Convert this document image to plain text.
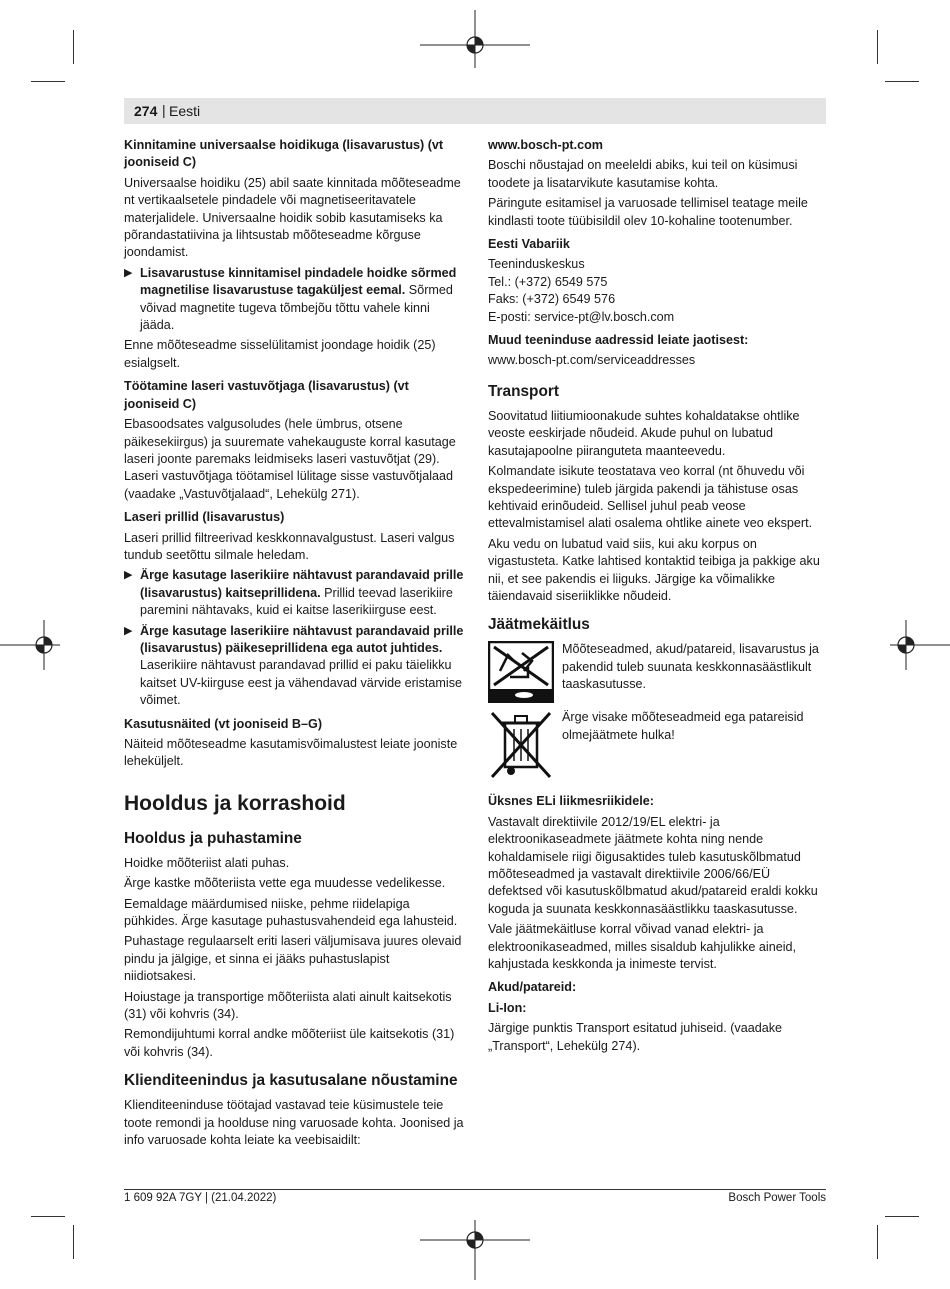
274 | Eesti

Kinnitamine universaalse hoidikuga (lisavarustus) (vt jooniseid C)

Universaalse hoidiku (25) abil saate kinnitada mõõteseadme nt vertikaalsetele pindadele või magnetiseeritavatele materjalidele. Universaalne hoidik sobib kasutamiseks ka põrandastatiivina ja lihtsustab mõõteseadme kõrguse joondamist.

▶ Lisavarustuse kinnitamisel pindadele hoidke sõrmed magnetilise lisavarustuse tagaküljest eemal. Sõrmed võivad magnetite tugeva tõmbejõu tõttu vahele kinni jääda.

Enne mõõteseadme sisselülitamist joondage hoidik (25) esialgselt.

Töötamine laseri vastuvõtjaga (lisavarustus) (vt jooniseid C)

Ebasoodsates valgusoludes (hele ümbrus, otsene päikesekiirgus) ja suuremate vahekauguste korral kasutage laseri joonte paremaks leidmiseks laseri vastuvõtjat (29). Laseri vastuvõtjaga töötamisel lülitage sisse vastuvõtjalaad (vaadake „Vastuvõtjalaad“, Lehekülg 271).

Laseri prillid (lisavarustus)

Laseri prillid filtreerivad keskkonnavalgustust. Laseri valgus tundub seetõttu silmale heledam.

▶ Ärge kasutage laserikiire nähtavust parandavaid prille (lisavarustus) kaitseprillidena. Prillid teevad laserikiire paremini nähtavaks, kuid ei kaitse laserikiirguse eest.
▶ Ärge kasutage laserikiire nähtavust parandavaid prille (lisavarustus) päikeseprillidena ega autot juhtides. Laserikiire nähtavust parandavad prillid ei paku täielikku kaitset UV-kiirguse eest ja vähendavad värvide eristamise võimet.

Kasutusnäited (vt jooniseid B–G)

Näiteid mõõteseadme kasutamisvõimalustest leiate jooniste leheküljelt.

Hooldus ja korrashoid
Hooldus ja puhastamine

Hoidke mõõteriist alati puhas.

Ärge kastke mõõteriista vette ega muudesse vedelikesse.

Eemaldage määrdumised niiske, pehme riidelapiga pühkides. Ärge kasutage puhastusvahendeid ega lahusteid.

Puhastage regulaarselt eriti laseri väljumisava juures olevaid pindu ja jälgige, et sinna ei jääks puhastuslapist niidiotsakesi.

Hoiustage ja transportige mõõteriista alati ainult kaitsekotis (31) või kohvris (34).

Remondijuhtumi korral andke mõõteriist üle kaitsekotis (31) või kohvris (34).

Klienditeenindus ja kasutusalane nõustamine

Klienditeeninduse töötajad vastavad teie küsimustele teie toote remondi ja hoolduse ning varuosade kohta. Joonised ja info varuosade kohta leiate ka veebisaidilt:

www.bosch-pt.com

Boschi nõustajad on meeleldi abiks, kui teil on küsimusi toodete ja lisatarvikute kasutamise kohta.

Päringute esitamisel ja varuosade tellimisel teatage meile kindlasti toote tüübisildil olev 10-kohaline tootenumber.

Eesti Vabariik

Teeninduskeskus

Tel.: (+372) 6549 575

Faks: (+372) 6549 576

E-posti: service-pt@lv.bosch.com

Muud teeninduse aadressid leiate jaotisest:

www.bosch-pt.com/serviceaddresses

Transport

Soovitatud liitiumioonakude suhtes kohaldatakse ohtlike veoste eeskirjade nõudeid. Akude puhul on lubatud kasutajapoolne piiranguteta maanteevedu.

Kolmandate isikute teostatava veo korral (nt õhuvedu või ekspedeerimine) tuleb järgida pakendi ja tähistuse osas kehtivaid erinõudeid. Sellisel juhul peab veose ettevalmistamisel alati osalema ohtlike ainete veo ekspert.

Aku vedu on lubatud vaid siis, kui aku korpus on vigastusteta. Katke lahtised kontaktid teibiga ja pakkige aku nii, et see pakendis ei liiguks. Järgige ka võimalikke täiendavaid siseriiklikke nõudeid.

Jäätmekäitlus

Mõõteseadmed, akud/patareid, lisavarustus ja pakendid tuleb suunata keskkonnasäästlikult taaskasutusse.

Ärge visake mõõteseadmeid ega patareisid olmejäätmete hulka!

Üksnes ELi liikmesriikidele:

Vastavalt direktiivile 2012/19/EL elektri- ja elektroonikaseadmete jäätmete kohta ning nende kohaldamisele riigi õigusaktides tuleb kasutuskõlbmatud mõõteseadmed ja vastavalt direktiivile 2006/66/EÜ defektsed või kasutuskõlbmatud akud/patareid eraldi kokku koguda ja suunata keskkonnasäästlikku taaskasutusse.

Vale jäätmekäitluse korral võivad vanad elektri- ja elektroonikaseadmed, milles sisaldub kahjulikke aineid, kahjustada keskkonda ja inimeste tervist.

Akud/patareid:

Li-Ion:

Järgige punktis Transport esitatud juhiseid. (vaadake „Transport“, Lehekülg 274).

1 609 92A 7GY | (21.04.2022)	Bosch Power Tools
